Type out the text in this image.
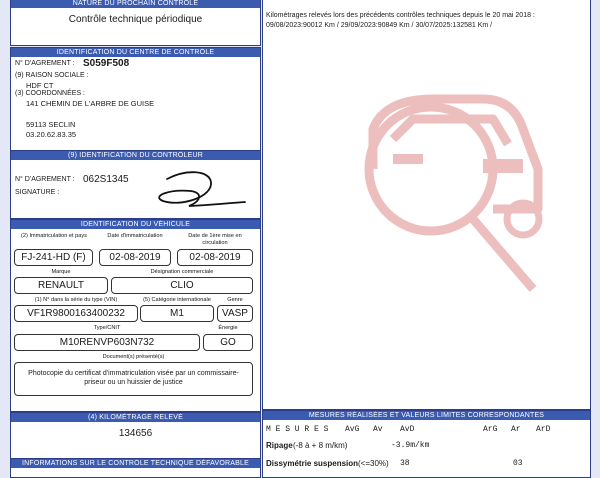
NATURE DU PROCHAIN CONTROLE
Contrôle technique périodique
IDENTIFICATION DU CENTRE DE CONTRÔLE
N° D'AGREMENT : S059F508
(9) RAISON SOCIALE :
HDF CT
(3) COORDONNÉES :
141 CHEMIN DE L'ARBRE DE GUISE
59113 SECLIN
03.20.62.83.35
(9) IDENTIFICATION DU CONTRÔLEUR
N° D'AGREMENT : 062S1345
SIGNATURE :
IDENTIFICATION DU VÉHICULE
(2) Immatriculation et pays	Date d'immatriculation	Date de 1ère mise en circulation
FJ-241-HD (F)	02-08-2019	02-08-2019
Marque	Désignation commerciale
RENAULT	CLIO
(1) N° dans la série du type (VIN)	(5) Catégorie internationale	Genre
VF1R9800163400232	M1	VASP
Type/CNIT	Énergie
M10RENVP603N732	GO
Document(s) présenté(s)
Photocopie du certificat d'immatriculation visée par un commissaire-priseur ou un huissier de justice
(4) KILOMÉTRAGE RELEVÉ
134656
INFORMATIONS SUR LE CONTRÔLE TECHNIQUE DÉFAVORABLE
Kilométrages relevés lors des précédents contrôles techniques depuis le 20 mai 2018 : 09/08/2023:90012 Km / 29/09/2023:90849 Km / 30/07/2025:132581 Km /
MESURES RÉALISÉES ET VALEURS LIMITES CORRESPONDANTES
M E S U R E S AvG Av AvD	ArG Ar ArD
Ripage (-8 à + 8 m/km)	-3.9m/km
Dissymétrie suspension (<=30%) 38	03
